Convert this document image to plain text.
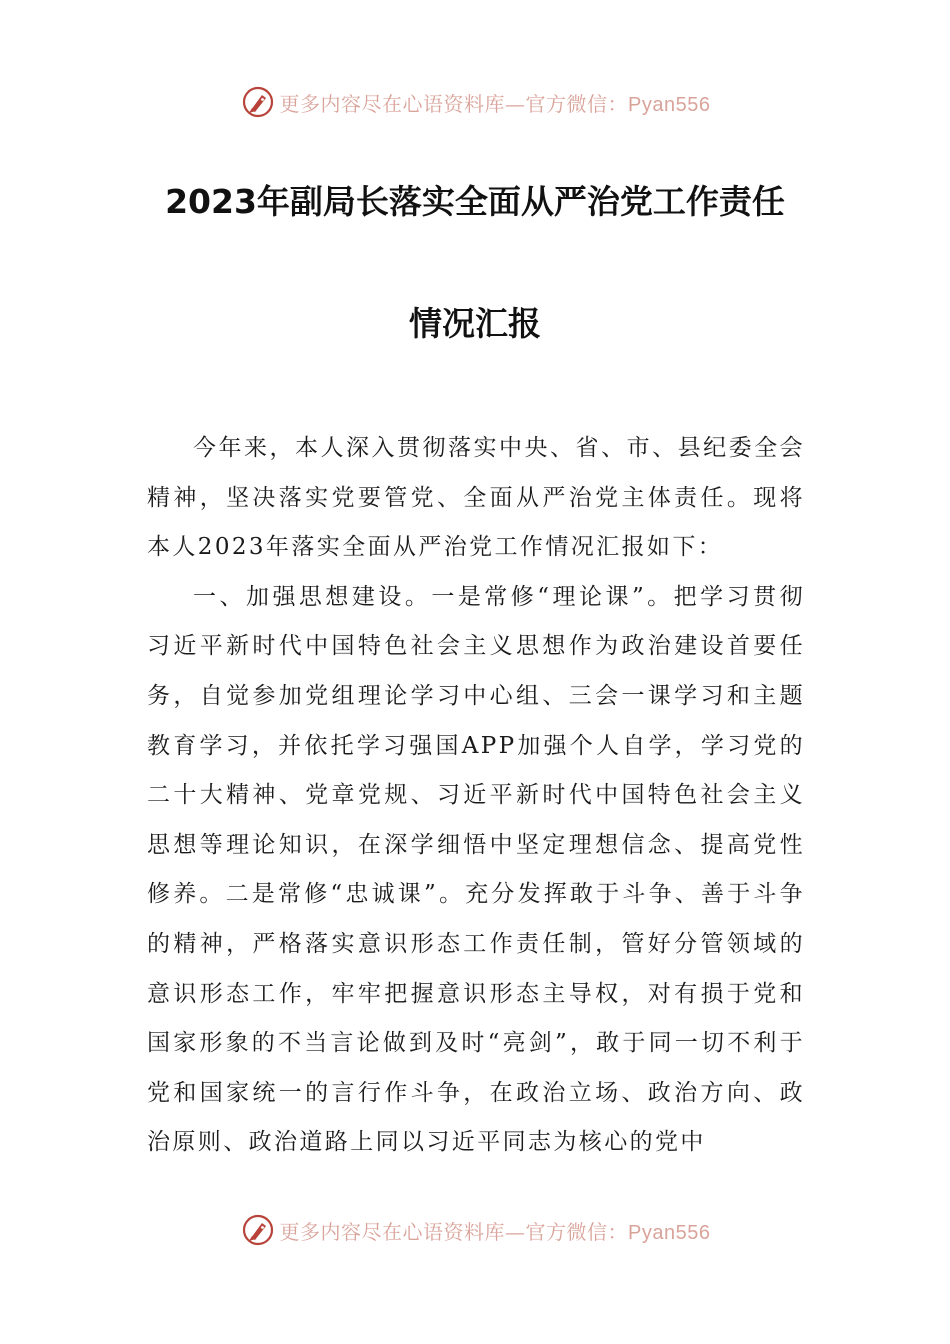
更多内容尽在心语资料库—官方微信：Pyan556
2023年副局长落实全面从严治党工作责任
情况汇报

今年来，本人深入贯彻落实中央、省、市、县纪委全会精神，坚决落实党要管党、全面从严治党主体责任。现将本人2023年落实全面从严治党工作情况汇报如下：

一、加强思想建设。一是常修“理论课”。把学习贯彻习近平新时代中国特色社会主义思想作为政治建设首要任务，自觉参加党组理论学习中心组、三会一课学习和主题教育学习，并依托学习强国APP加强个人自学，学习党的二十大精神、党章党规、习近平新时代中国特色社会主义思想等理论知识，在深学细悟中坚定理想信念、提高党性修养。二是常修“忠诚课”。充分发挥敢于斗争、善于斗争的精神，严格落实意识形态工作责任制，管好分管领域的意识形态工作，牢牢把握意识形态主导权，对有损于党和国家形象的不当言论做到及时“亮剑”，敢于同一切不利于党和国家统一的言行作斗争，在政治立场、政治方向、政治原则、政治道路上同以习近平同志为核心的党中

更多内容尽在心语资料库—官方微信：Pyan556
